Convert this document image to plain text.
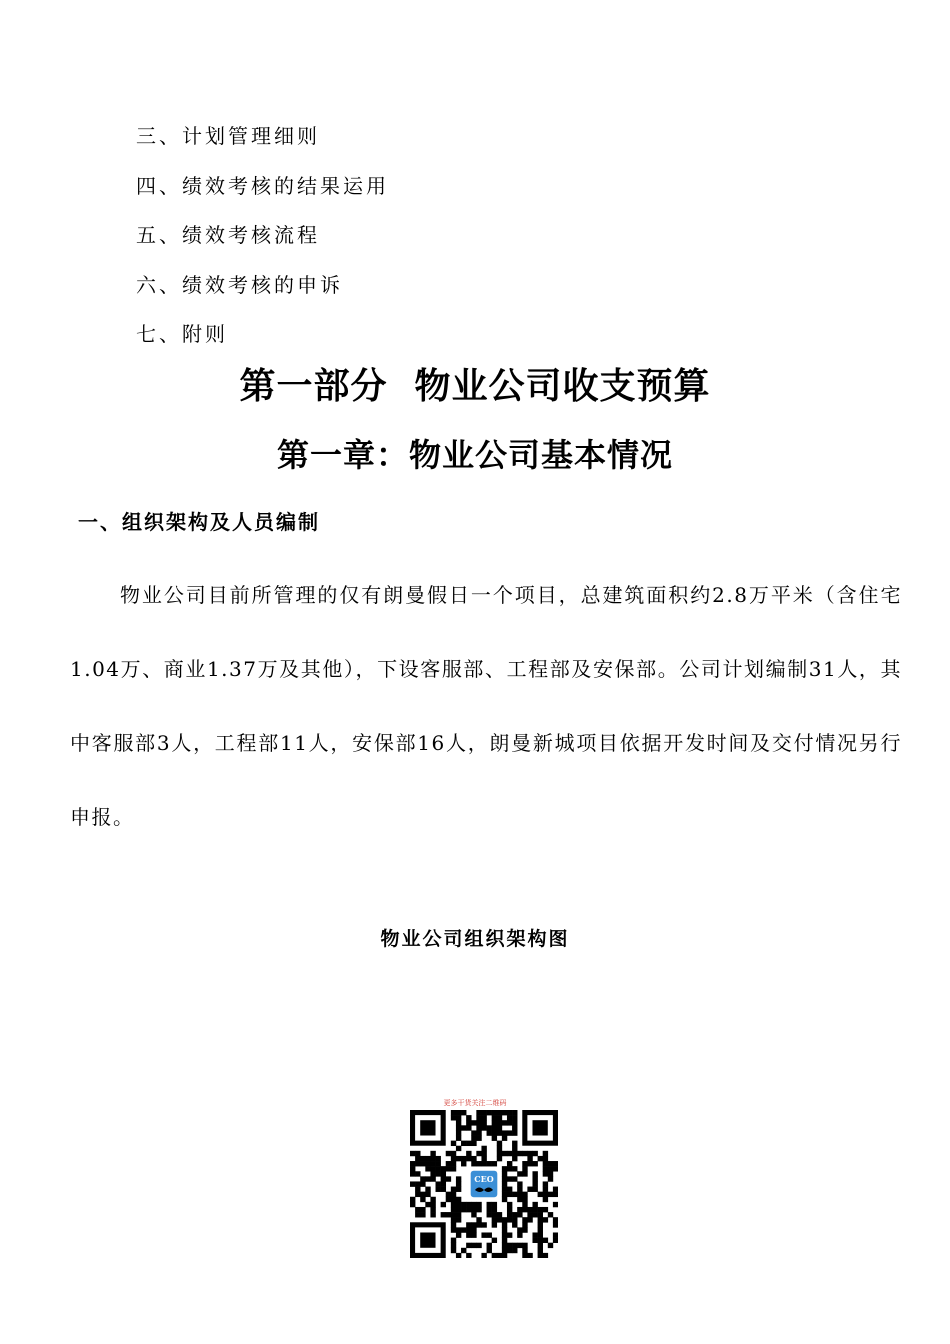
三、计划管理细则
四、绩效考核的结果运用
五、绩效考核流程
六、绩效考核的申诉
七、附则
第一部分  物业公司收支预算
第一章：物业公司基本情况
一、组织架构及人员编制
物业公司目前所管理的仅有朗曼假日一个项目，总建筑面积约2.8万平米（含住宅1.04万、商业1.37万及其他），下设客服部、工程部及安保部。公司计划编制31人，其中客服部3人，工程部11人，安保部16人，朗曼新城项目依据开发时间及交付情况另行申报。
物业公司组织架构图
更多干货关注二维码
CEO
